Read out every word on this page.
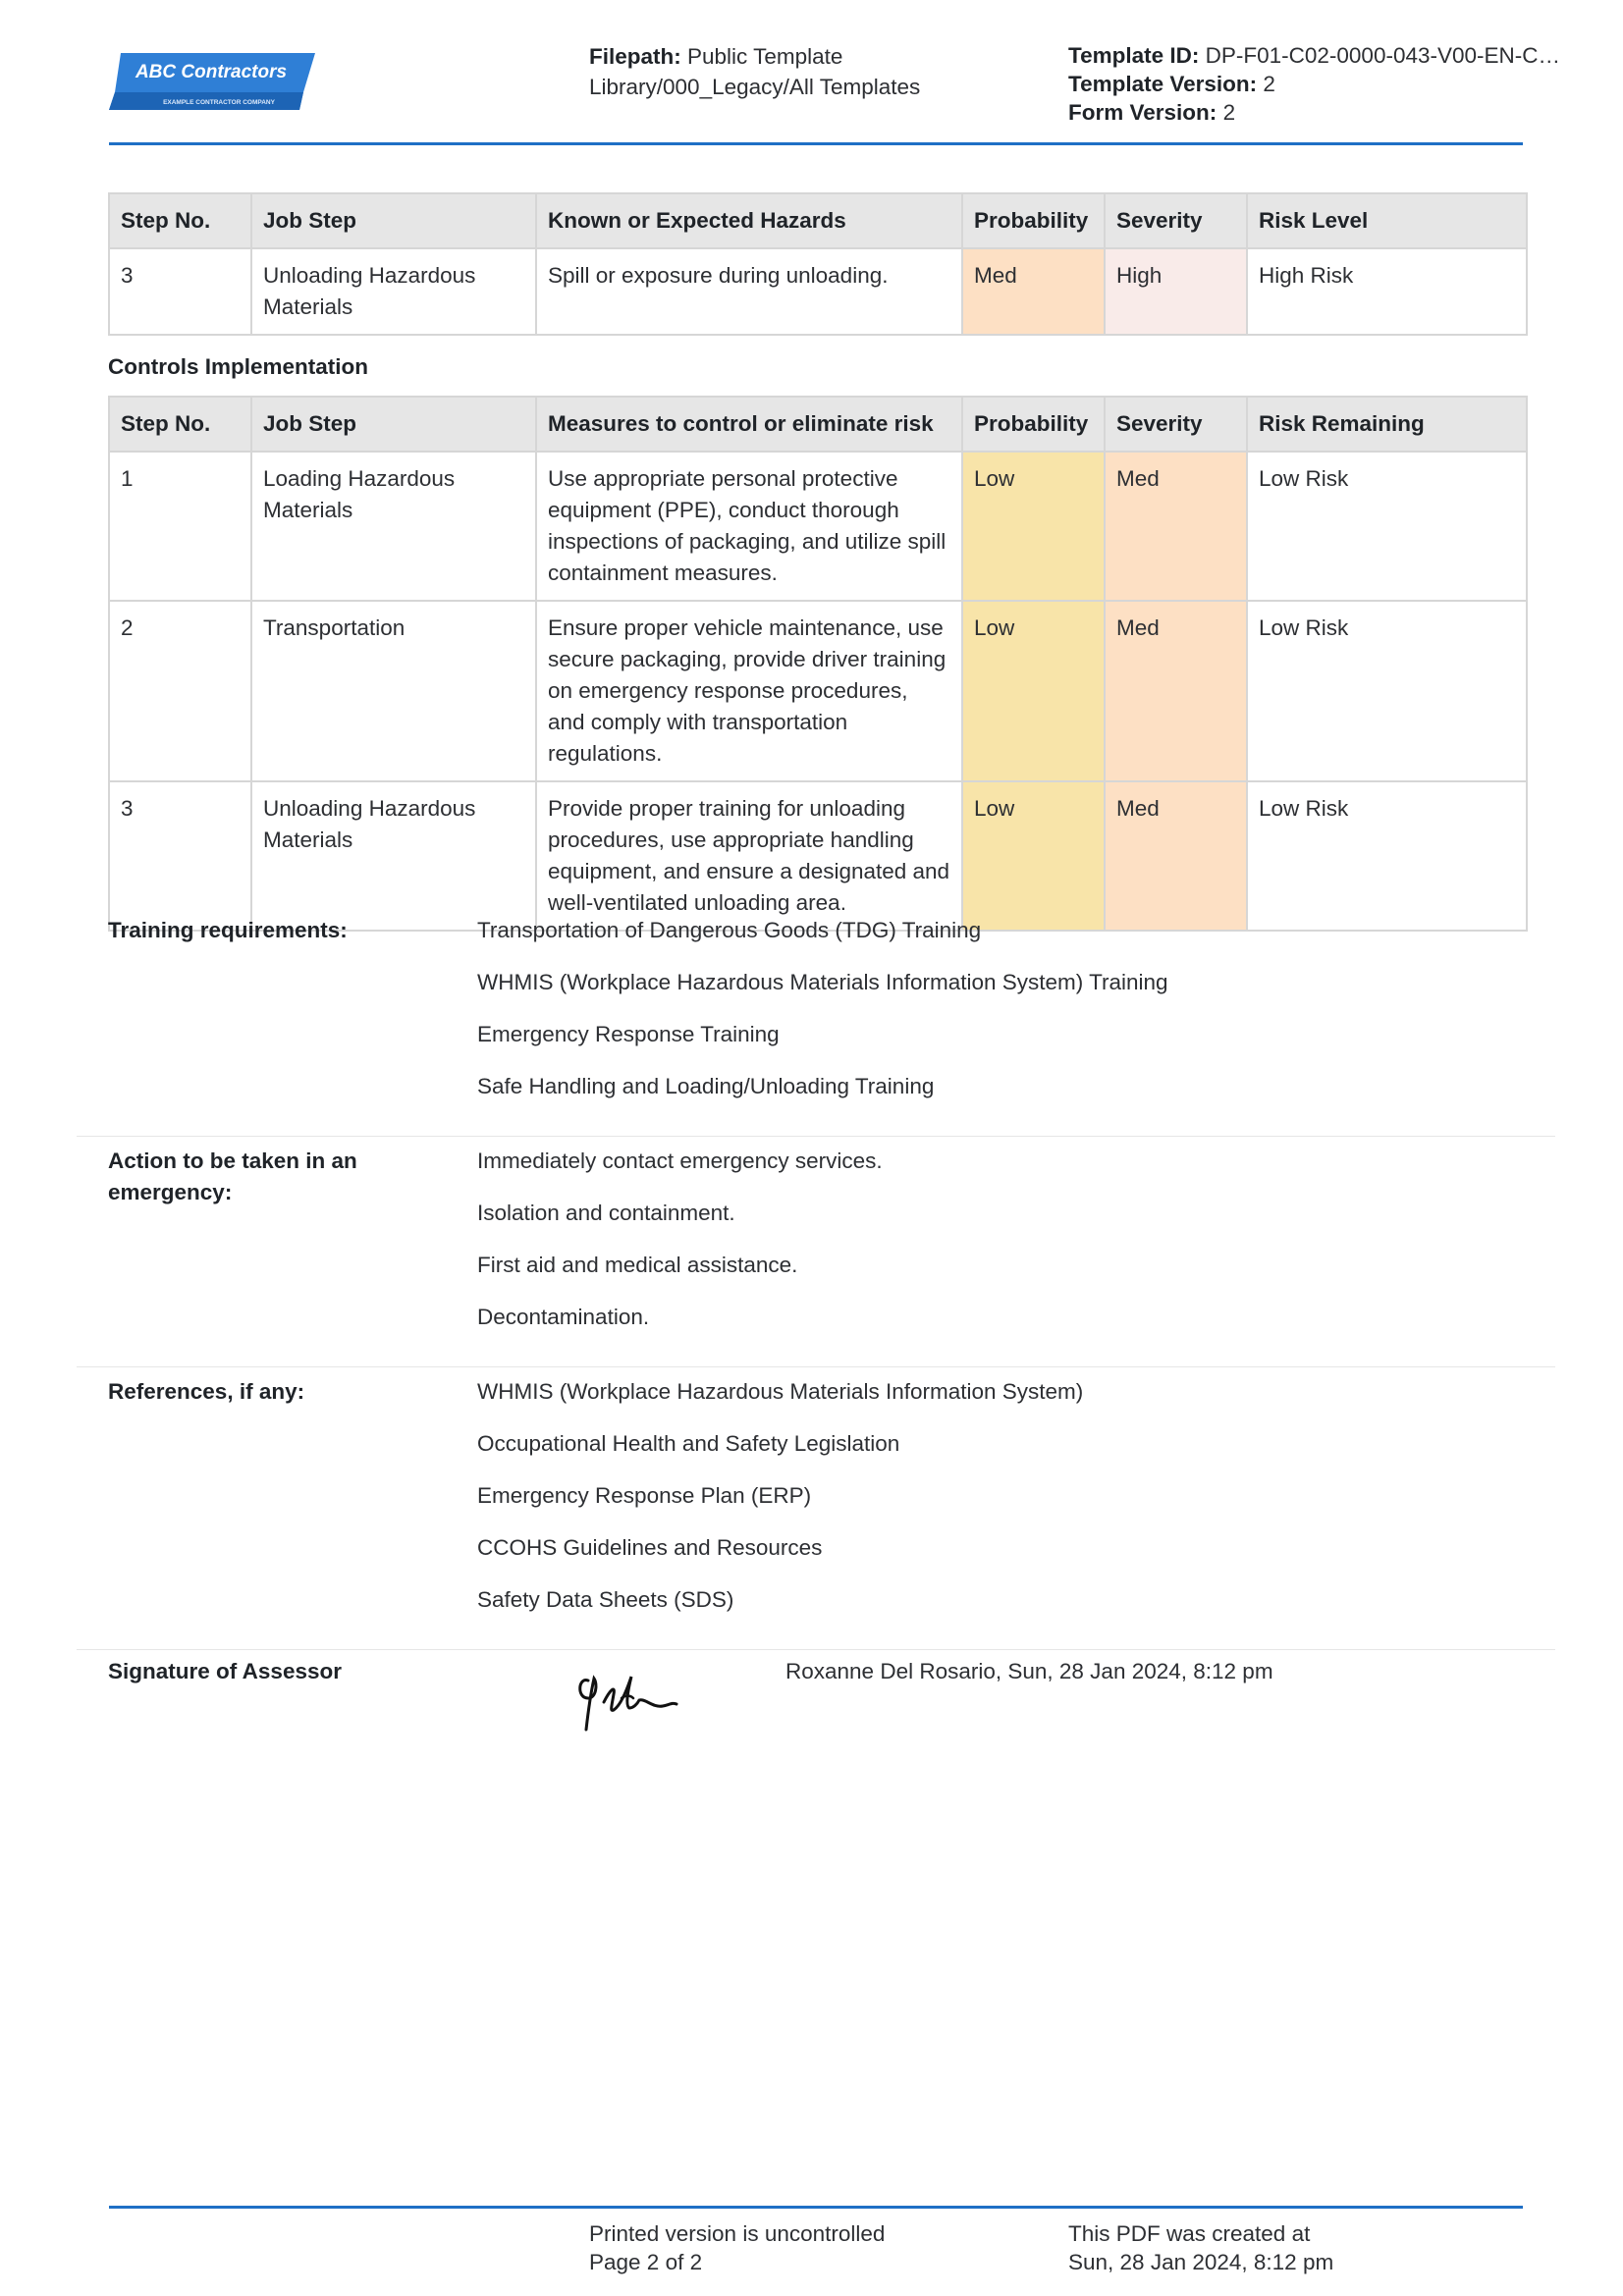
ABC Contractors
EXAMPLE CONTRACTOR COMPANY
Filepath: Public Template Library/000_Legacy/All Templates
Template ID: DP-F01-C02-0000-043-V00-EN-C…
Template Version: 2
Form Version: 2
Step No.	Job Step	Known or Expected Hazards	Probability	Severity	Risk Level
3	Unloading Hazardous Materials	Spill or exposure during unloading.	Med	High	High Risk
Controls Implementation
Step No.	Job Step	Measures to control or eliminate risk	Probability	Severity	Risk Remaining
1	Loading Hazardous Materials	Use appropriate personal protective equipment (PPE), conduct thorough inspections of packaging, and utilize spill containment measures.	Low	Med	Low Risk
2	Transportation	Ensure proper vehicle maintenance, use secure packaging, provide driver training on emergency response procedures, and comply with transportation regulations.	Low	Med	Low Risk
3	Unloading Hazardous Materials	Provide proper training for unloading procedures, use appropriate handling equipment, and ensure a designated and well-ventilated unloading area.	Low	Med	Low Risk
Training requirements:	Transportation of Dangerous Goods (TDG) Training
WHMIS (Workplace Hazardous Materials Information System) Training
Emergency Response Training
Safe Handling and Loading/Unloading Training
Action to be taken in an emergency:
Immediately contact emergency services.
Isolation and containment.
First aid and medical assistance.
Decontamination.
References, if any:	WHMIS (Workplace Hazardous Materials Information System)
Occupational Health and Safety Legislation
Emergency Response Plan (ERP)
CCOHS Guidelines and Resources
Safety Data Sheets (SDS)
Signature of Assessor	Roxanne Del Rosario, Sun, 28 Jan 2024, 8:12 pm
Printed version is uncontrolled
Page 2 of 2
This PDF was created at
Sun, 28 Jan 2024, 8:12 pm
